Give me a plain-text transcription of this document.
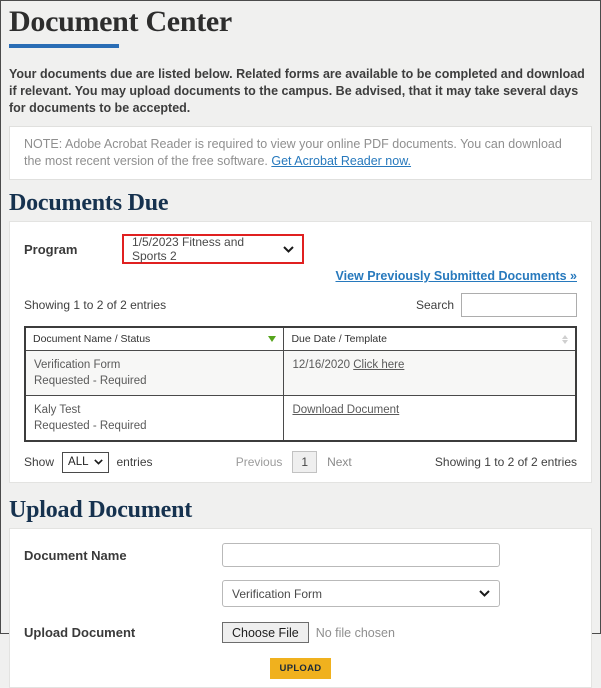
Document Center

Your documents due are listed below. Related forms are available to be completed and download if relevant. You may upload documents to the campus. Be advised, that it may take several days for documents to be accepted.

NOTE: Adobe Acrobat Reader is required to view your online PDF documents. You can download the most recent version of the free software. Get Acrobat Reader now.
Documents Due
Program	1/5/2023 Fitness and Sports 2
View Previously Submitted Documents »
Showing 1 to 2 of 2 entries	Search
Document Name / Status	Due Date / Template

Verification Form
Requested - Required	12/16/2020 Click here

Kaly Test
Requested - Required	Download Document
Show ALL entries	Previous	1	Next	Showing 1 to 2 of 2 entries
Upload Document
Document Name
Verification Form
Upload Document	Choose File	No file chosen
UPLOAD
